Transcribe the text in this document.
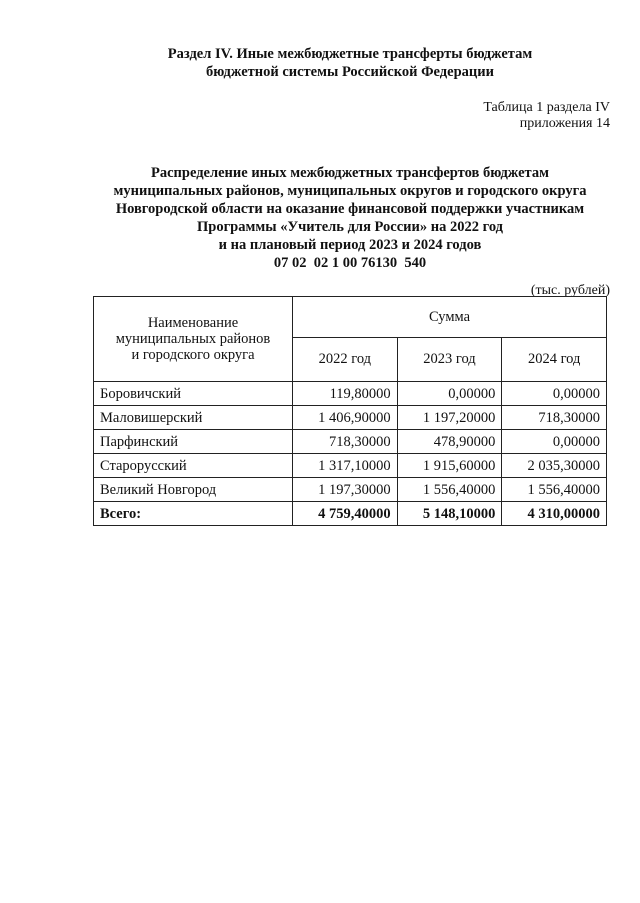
Раздел IV. Иные межбюджетные трансферты бюджетам
бюджетной системы Российской Федерации
Таблица 1 раздела IV
приложения 14
Распределение иных межбюджетных трансфертов бюджетам
муниципальных районов, муниципальных округов и городского округа
Новгородской области на оказание финансовой поддержки участникам
Программы «Учитель для России» на 2022 год
и на плановый период 2023 и 2024 годов
07 02  02 1 00 76130  540
(тыс. рублей)
Наименование
муниципальных районов
и городского округа	Сумма		
	2022 год	2023 год	2024 год
Боровичский	119,80000	0,00000	0,00000
Маловишерский	1 406,90000	1 197,20000	718,30000
Парфинский	718,30000	478,90000	0,00000
Старорусский	1 317,10000	1 915,60000	2 035,30000
Великий Новгород	1 197,30000	1 556,40000	1 556,40000
Всего:	4 759,40000	5 148,10000	4 310,00000
